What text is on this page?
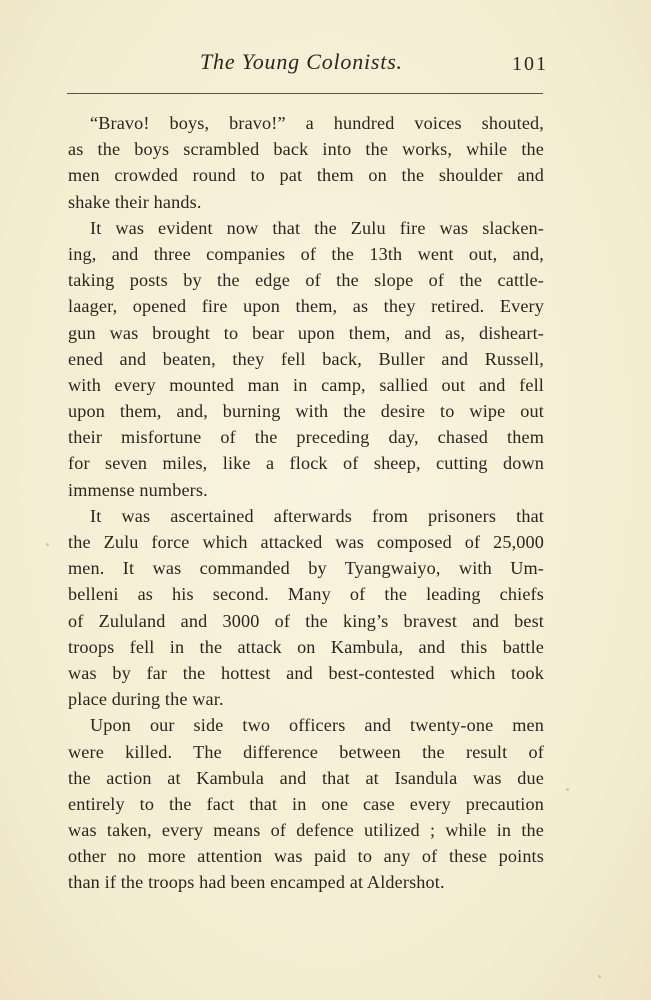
The Young Colonists.	101
“Bravo! boys, bravo!” a hundred voices shouted,
as the boys scrambled back into the works, while the
men crowded round to pat them on the shoulder and
shake their hands.
It was evident now that the Zulu fire was slacken-
ing, and three companies of the 13th went out, and,
taking posts by the edge of the slope of the cattle-
laager, opened fire upon them, as they retired. Every
gun was brought to bear upon them, and as, disheart-
ened and beaten, they fell back, Buller and Russell,
with every mounted man in camp, sallied out and fell
upon them, and, burning with the desire to wipe out
their misfortune of the preceding day, chased them
for seven miles, like a flock of sheep, cutting down
immense numbers.
It was ascertained afterwards from prisoners that
the Zulu force which attacked was composed of 25,000
men. It was commanded by Tyangwaiyo, with Um-
belleni as his second. Many of the leading chiefs
of Zululand and 3000 of the king’s bravest and best
troops fell in the attack on Kambula, and this battle
was by far the hottest and best-contested which took
place during the war.
Upon our side two officers and twenty-one men
were killed. The difference between the result of
the action at Kambula and that at Isandula was due
entirely to the fact that in one case every precaution
was taken, every means of defence utilized ; while in the
other no more attention was paid to any of these points
than if the troops had been encamped at Aldershot.
